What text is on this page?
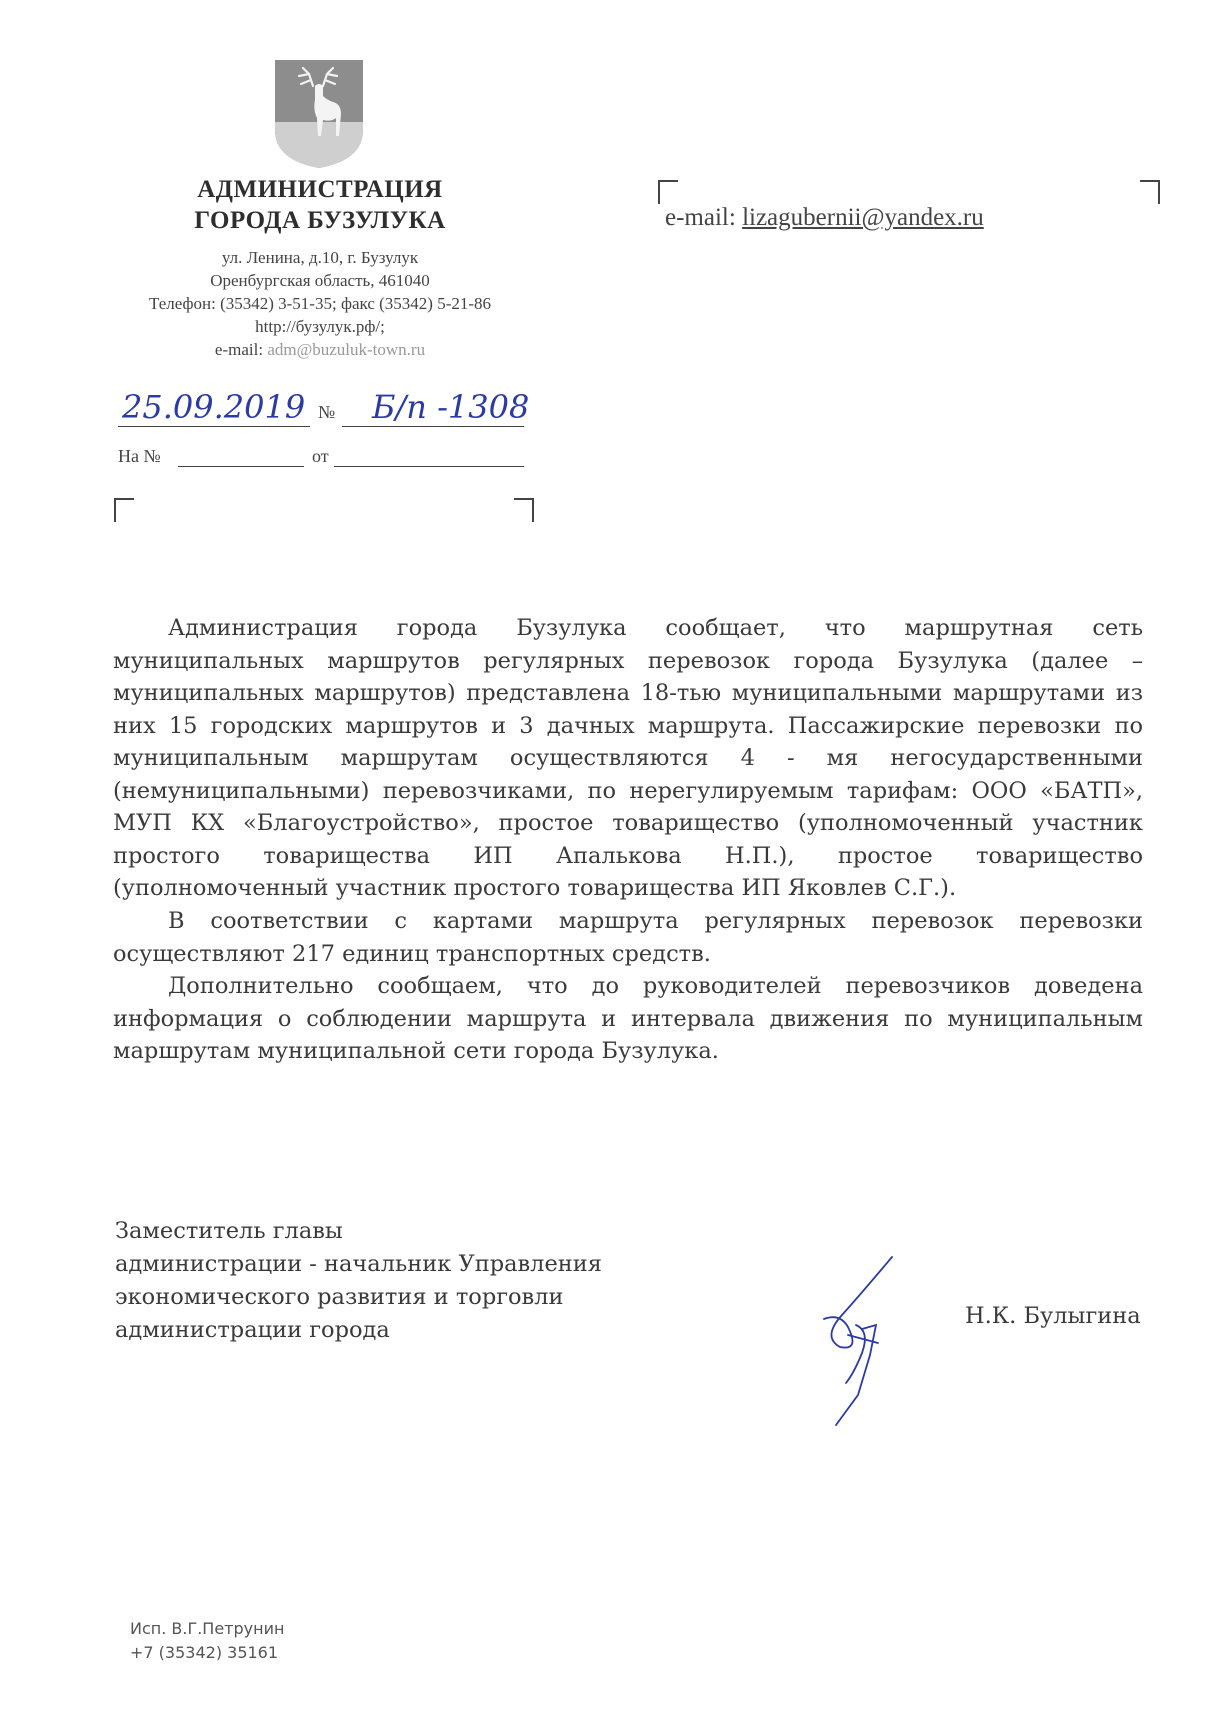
АДМИНИСТРАЦИЯ
ГОРОДА БУЗУЛУКА
ул. Ленина, д.10, г. Бузулук
Оренбургская область, 461040
Телефон: (35342) 3-51-35; факс (35342) 5-21-86
http://бузулук.рф/;
e-mail: adm@buzuluk-town.ru
25.09.2019 № Б/п -1308
На №	от
e-mail: lizagubernii@yandex.ru

Администрация города Бузулука сообщает, что маршрутная сеть муниципальных маршрутов регулярных перевозок города Бузулука (далее – муниципальных маршрутов) представлена 18-тью муниципальными маршрутами из них 15 городских маршрутов и 3 дачных маршрута. Пассажирские перевозки по муниципальным маршрутам осуществляются 4 - мя негосударственными (немуниципальными) перевозчиками, по нерегулируемым тарифам: ООО «БАТП», МУП КХ «Благоустройство», простое товарищество (уполномоченный участник простого товарищества ИП Апалькова Н.П.), простое товарищество (уполномоченный участник простого товарищества ИП Яковлев С.Г.).

В соответствии с картами маршрута регулярных перевозок перевозки осуществляют 217 единиц транспортных средств.

Дополнительно сообщаем, что до руководителей перевозчиков доведена информация о соблюдении маршрута и интервала движения по муниципальным маршрутам муниципальной сети города Бузулука.

Заместитель главы
администрации - начальник Управления
экономического развития и торговли
администрации города
Н.К. Булыгина
Исп. В.Г.Петрунин
+7 (35342) 35161
